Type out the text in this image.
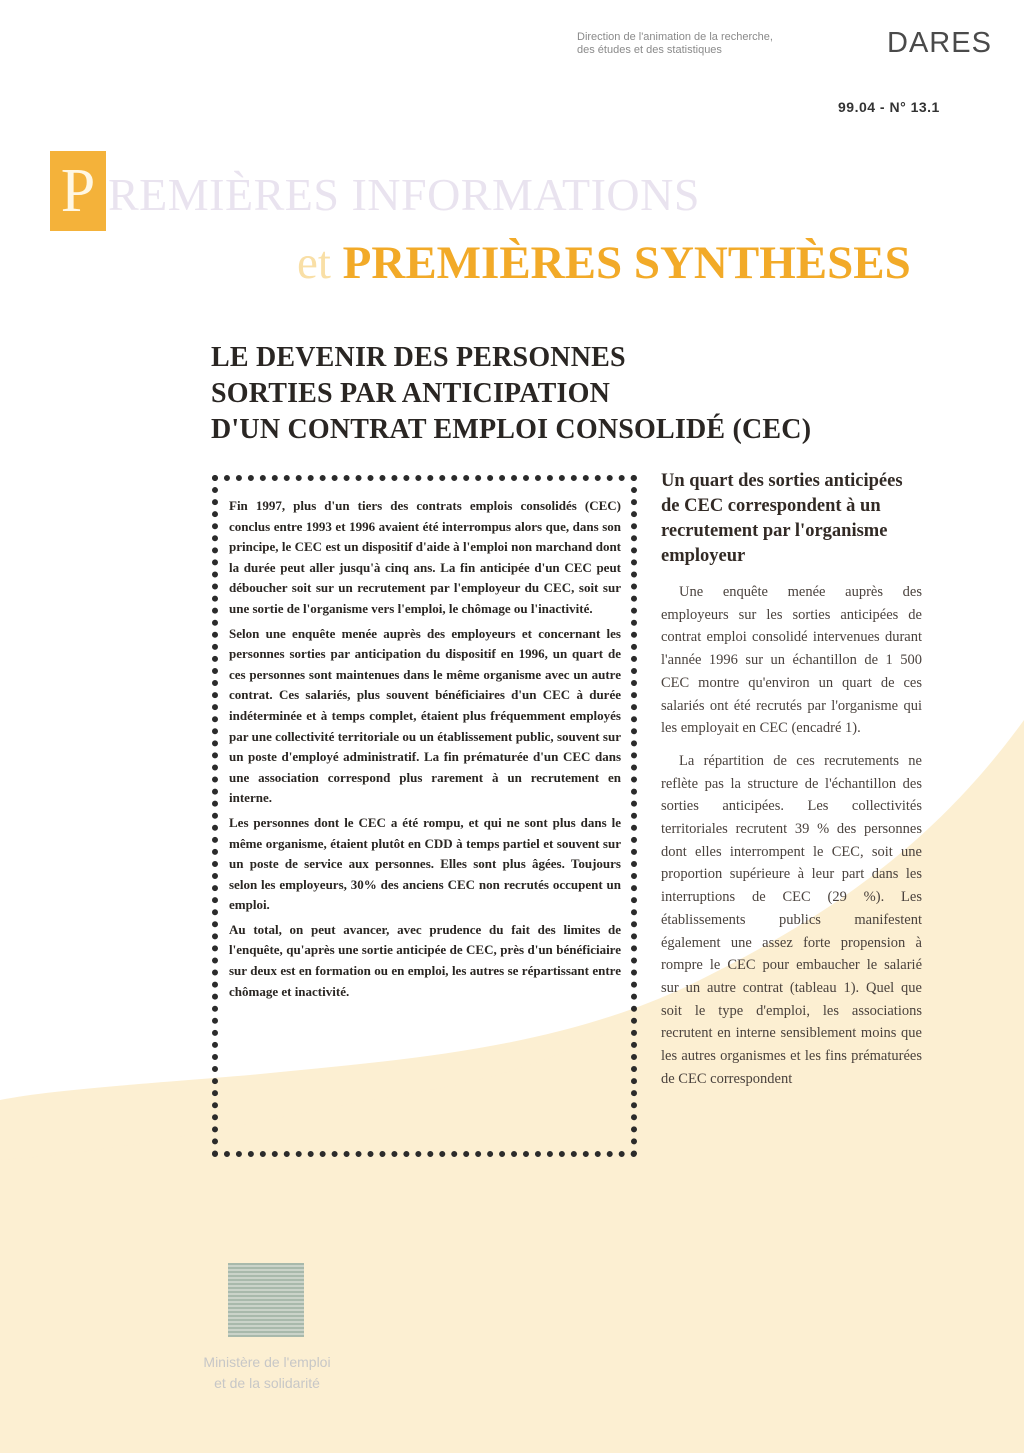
Direction de l'animation de la recherche,
des études et des statistiques	DARES
99.04 - N° 13.1
P REMIÈRES INFORMATIONS
et PREMIÈRES SYNTHÈSES
LE DEVENIR DES PERSONNES
SORTIES PAR ANTICIPATION
D'UN CONTRAT EMPLOI CONSOLIDÉ (CEC)

Fin 1997, plus d'un tiers des contrats emplois consolidés (CEC) conclus entre 1993 et 1996 avaient été interrompus alors que, dans son principe, le CEC est un dispositif d'aide à l'emploi non marchand dont la durée peut aller jusqu'à cinq ans. La fin anticipée d'un CEC peut déboucher soit sur un recrutement par l'employeur du CEC, soit sur une sortie de l'organisme vers l'emploi, le chômage ou l'inactivité.

Selon une enquête menée auprès des employeurs et concernant les personnes sorties par anticipation du dispositif en 1996, un quart de ces personnes sont maintenues dans le même organisme avec un autre contrat. Ces salariés, plus souvent bénéficiaires d'un CEC à durée indéterminée et à temps complet, étaient plus fréquemment employés par une collectivité territoriale ou un établissement public, souvent sur un poste d'employé administratif. La fin prématurée d'un CEC dans une association correspond plus rarement à un recrutement en interne.

Les personnes dont le CEC a été rompu, et qui ne sont plus dans le même organisme, étaient plutôt en CDD à temps partiel et souvent sur un poste de service aux personnes. Elles sont plus âgées. Toujours selon les employeurs, 30% des anciens CEC non recrutés occupent un emploi.

Au total, on peut avancer, avec prudence du fait des limites de l'enquête, qu'après une sortie anticipée de CEC, près d'un bénéficiaire sur deux est en formation ou en emploi, les autres se répartissant entre chômage et inactivité.

Un quart des sorties anticipées de CEC correspondent à un recrutement par l'organisme employeur

Une enquête menée auprès des employeurs sur les sorties anticipées de contrat emploi consolidé intervenues durant l'année 1996 sur un échantillon de 1 500 CEC montre qu'environ un quart de ces salariés ont été recrutés par l'organisme qui les employait en CEC (encadré 1).

La répartition de ces recrutements ne reflète pas la structure de l'échantillon des sorties anticipées. Les collectivités territoriales recrutent 39 % des personnes dont elles interrompent le CEC, soit une proportion supérieure à leur part dans les interruptions de CEC (29 %). Les établissements publics manifestent également une assez forte propension à rompre le CEC pour embaucher le salarié sur un autre contrat (tableau 1). Quel que soit le type d'emploi, les associations recrutent en interne sensiblement moins que les autres organismes et les fins prématurées de CEC correspondent

Ministère de l'emploi
et de la solidarité
